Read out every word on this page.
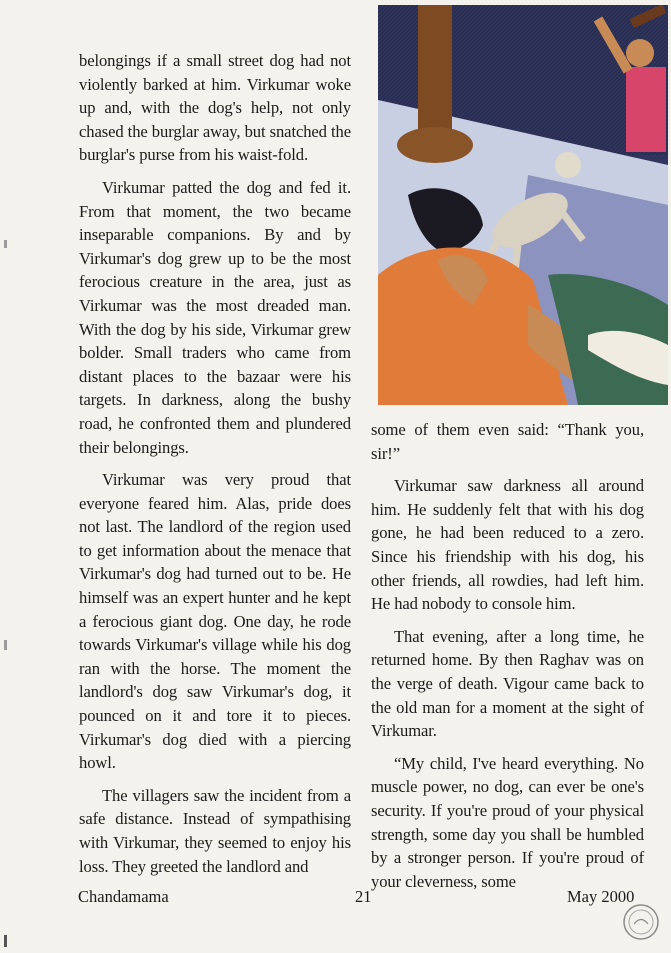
belongings if a small street dog had not violently barked at him. Virkumar woke up and, with the dog's help, not only chased the burglar away, but snatched the burglar's purse from his waist-fold.

Virkumar patted the dog and fed it. From that moment, the two became inseparable companions. By and by Virkumar's dog grew up to be the most ferocious creature in the area, just as Virkumar was the most dreaded man. With the dog by his side, Virkumar grew bolder. Small traders who came from distant places to the bazaar were his targets. In darkness, along the bushy road, he confronted them and plundered their belongings.

Virkumar was very proud that everyone feared him. Alas, pride does not last. The landlord of the region used to get information about the menace that Virkumar's dog had turned out to be. He himself was an expert hunter and he kept a ferocious giant dog. One day, he rode towards Virkumar's village while his dog ran with the horse. The moment the landlord's dog saw Virkumar's dog, it pounced on it and tore it to pieces. Virkumar's dog died with a piercing howl.

The villagers saw the incident from a safe distance. Instead of sympathising with Virkumar, they seemed to enjoy his loss. They greeted the landlord and

some of them even said: “Thank you, sir!”

Virkumar saw darkness all around him. He suddenly felt that with his dog gone, he had been reduced to a zero. Since his friendship with his dog, his other friends, all rowdies, had left him. He had nobody to console him.

That evening, after a long time, he returned home. By then Raghav was on the verge of death. Vigour came back to the old man for a moment at the sight of Virkumar.

“My child, I've heard everything. No muscle power, no dog, can ever be one's security. If you're proud of your physical strength, some day you shall be humbled by a stronger person. If you're proud of your cleverness, some

Chandamama	21	May 2000
